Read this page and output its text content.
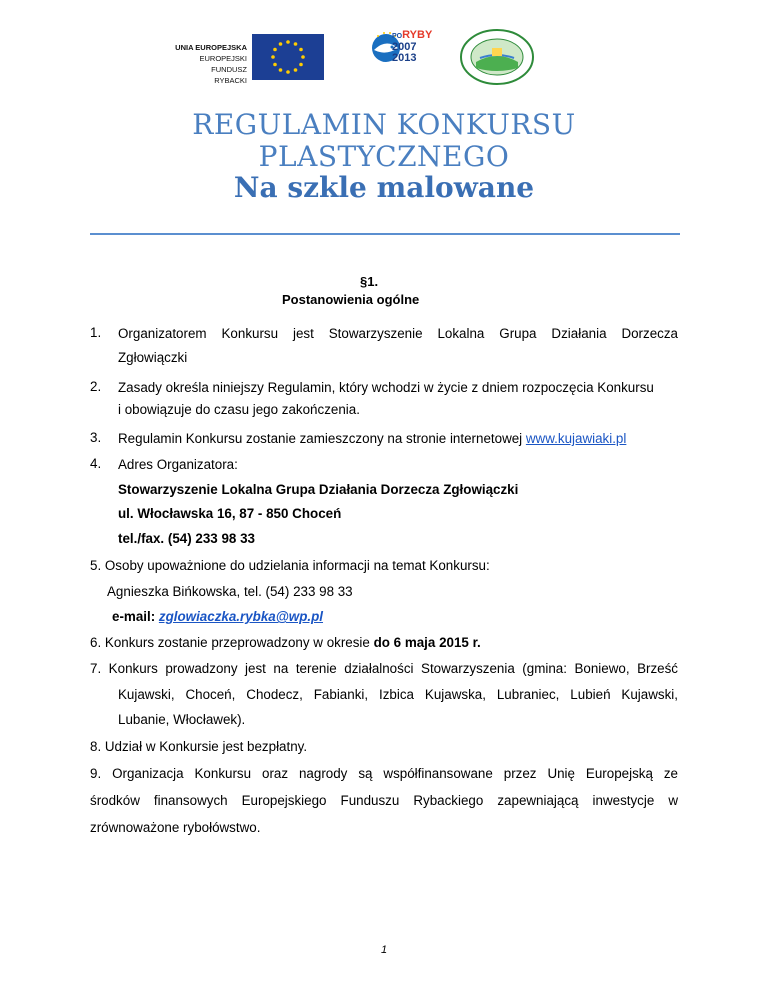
UNIA EUROPEJSKA
EUROPEJSKI FUNDUSZ
RYBACKI
PORYBY
2007
2013
REGULAMIN KONKURSU
PLASTYCZNEGO
Na szkle malowane
§1.
Postanowienia ogólne
1. Organizatorem Konkursu jest Stowarzyszenie Lokalna Grupa Działania Dorzecza
Zgłowiączki
2. Zasady określa niniejszy Regulamin, który wchodzi w życie z dniem rozpoczęcia Konkursu
i obowiązuje do czasu jego zakończenia.
3. Regulamin Konkursu zostanie zamieszczony na stronie internetowej www.kujawiaki.pl
4. Adres Organizatora:
Stowarzyszenie Lokalna Grupa Działania Dorzecza Zgłowiączki
ul. Włocławska 16, 87 - 850 Choceń
tel./fax. (54) 233 98 33
5. Osoby upoważnione do udzielania informacji na temat Konkursu:
Agnieszka Bińkowska, tel. (54) 233 98 33
e-mail: zglowiaczka.rybka@wp.pl
6. Konkurs zostanie przeprowadzony w okresie do 6 maja 2015 r.
7. Konkurs prowadzony jest na terenie działalności Stowarzyszenia (gmina: Boniewo, Brześć
Kujawski, Choceń, Chodecz, Fabianki, Izbica Kujawska, Lubraniec, Lubień Kujawski,
Lubanie, Włocławek).
8. Udział w Konkursie jest bezpłatny.
9. Organizacja Konkursu oraz nagrody są współfinansowane przez Unię Europejską ze
środków finansowych Europejskiego Funduszu Rybackiego zapewniającą inwestycje w
zrównoważone rybołówstwo.
1
